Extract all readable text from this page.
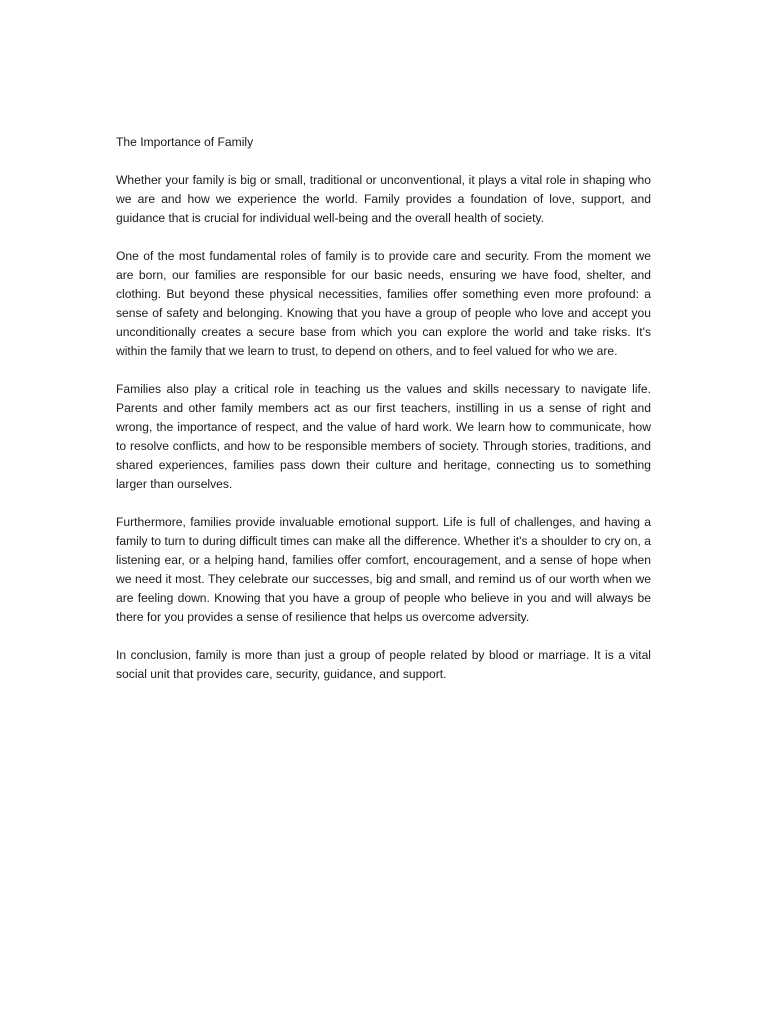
The Importance of Family

Whether your family is big or small, traditional or unconventional, it plays a vital role in shaping who we are and how we experience the world. Family provides a foundation of love, support, and guidance that is crucial for individual well-being and the overall health of society.

One of the most fundamental roles of family is to provide care and security. From the moment we are born, our families are responsible for our basic needs, ensuring we have food, shelter, and clothing. But beyond these physical necessities, families offer something even more profound: a sense of safety and belonging. Knowing that you have a group of people who love and accept you unconditionally creates a secure base from which you can explore the world and take risks. It's within the family that we learn to trust, to depend on others, and to feel valued for who we are.

Families also play a critical role in teaching us the values and skills necessary to navigate life. Parents and other family members act as our first teachers, instilling in us a sense of right and wrong, the importance of respect, and the value of hard work. We learn how to communicate, how to resolve conflicts, and how to be responsible members of society. Through stories, traditions, and shared experiences, families pass down their culture and heritage, connecting us to something larger than ourselves.

Furthermore, families provide invaluable emotional support. Life is full of challenges, and having a family to turn to during difficult times can make all the difference. Whether it's a shoulder to cry on, a listening ear, or a helping hand, families offer comfort, encouragement, and a sense of hope when we need it most. They celebrate our successes, big and small, and remind us of our worth when we are feeling down. Knowing that you have a group of people who believe in you and will always be there for you provides a sense of resilience that helps us overcome adversity.

In conclusion, family is more than just a group of people related by blood or marriage. It is a vital social unit that provides care, security, guidance, and support.
